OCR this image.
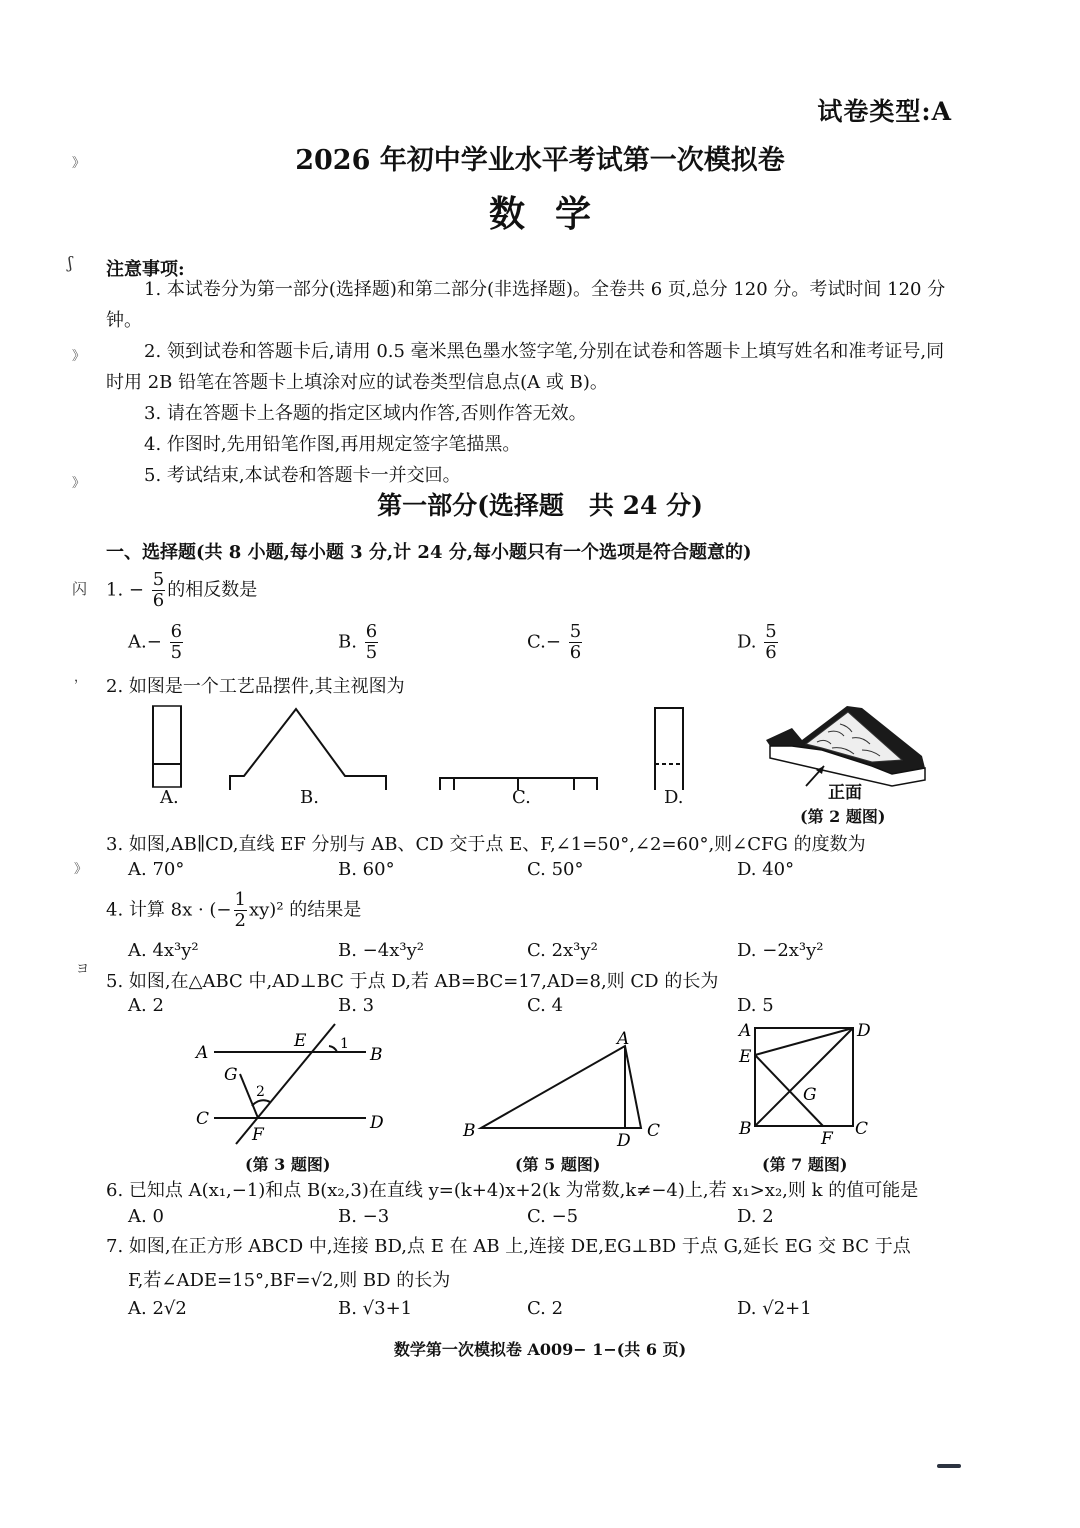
试卷类型:A
2026 年初中学业水平考试第一次模拟卷
数学
》
ʃ
》
》
闪
，
》
ヨ
注意事项:

1. 本试卷分为第一部分(选择题)和第二部分(非选择题)。全卷共 6 页,总分 120 分。考试时间 120 分钟。

2. 领到试卷和答题卡后,请用 0.5 毫米黑色墨水签字笔,分别在试卷和答题卡上填写姓名和准考证号,同时用 2B 铅笔在答题卡上填涂对应的试卷类型信息点(A 或 B)。

3. 请在答题卡上各题的指定区域内作答,否则作答无效。

4. 作图时,先用铅笔作图,再用规定签字笔描黑。

5. 考试结束,本试卷和答题卡一并交回。

第一部分(选择题　共 24 分)
一、选择题(共 8 小题,每小题 3 分,计 24 分,每小题只有一个选项是符合题意的)
1. − $\frac{5}{6}$ 的相反数是
$A.- \frac{6}{5}$	B. $\frac{6}{5}$	$C.- \frac{5}{6}$	D. $\frac{5}{6}$
2. 如图是一个工艺品摆件,其主视图为
A.	B.	C.	D.	正面
(第 2 题图)
3. 如图,AB∥CD,直线 EF 分别与 AB、CD 交于点 E、F,∠1=50°,∠2=60°,则∠CFG 的度数为
A. 70°	B. 60°	C. 50°	D. 40°
4. 计算 8x · (− $\frac{1}{2} xy)^2$ 的结果是
A. 4x³y²	B. −4x³y²	C. 2x³y²	D. −2x³y²
5. 如图,在△ABC 中,AD⊥BC 于点 D,若 AB=BC=17,AD=8,则 CD 的长为
A. 2	B. 3	C. 4	D. 5
A	B
C	D
E
F
G
1
2
(第 3 题图)
B
A
C
D
(第 5 题图)
A	D
E
G
B	C
F
(第 7 题图)
6. 已知点 A(x₁,−1)和点 B(x₂,3)在直线 y=(k+4)x+2(k 为常数,k≠−4)上,若 x₁>x₂,则 k 的值可能是
A. 0	B. −3	C. −5	D. 2
7. 如图,在正方形 ABCD 中,连接 BD,点 E 在 AB 上,连接 DE,EG⊥BD 于点 G,延长 EG 交 BC 于点
F,若∠ADE=15°,BF=√2,则 BD 的长为
A. 2√2	B. √3+1	C. 2	D. √2+1
数学第一次模拟卷 A009− 1−(共 6 页)
